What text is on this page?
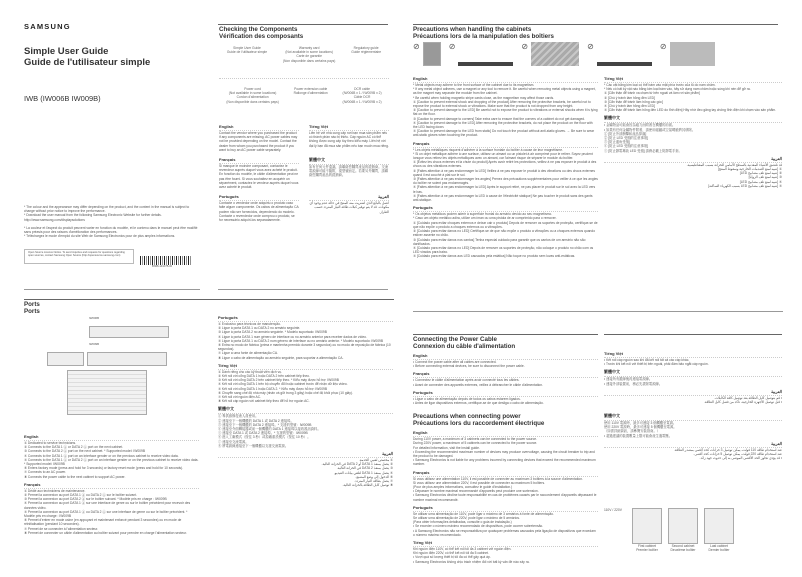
SAMSUNG
Simple User Guide
Guide de l'utilisateur simple
IWB (IW006B IW009B)
* The colour and the appearance may differ depending on the product, and the content in the manual is subject to change without prior notice to improve the performance.
* Download the user manual from the following Samsung Electronic Website for further details. http://www.samsung.com/displaysolutions
* La couleur et l'aspect du produit peuvent varier en fonction du modèle, et le contenu dans le manuel peut être modifié sans préavis pour des raisons d'amélioration des performances.
* Téléchargez le mode d'emploi du site Web de Samsung Electronics pour de plus amples informations.
Open Source Licence Notice. To send inquiries and requests for questions regarding open sources, contact Samsung Open Source (http://opensource.samsung.com)
BN68-14107B-00
Checking the Components
Vérification des composants
Simple User Guide
Guide de l'utilisateur simple
Warranty card
(Not available in some locations)
Carte de garantie
(Non disponible dans certains pays)
Regulatory guide
Guide réglementaire
Power cord
(Not available in some locations)
Cordon d'alimentation
(Non disponible dans certains pays)
Power extension cable
Rallonge d'alimentation
DCR cable
(IW006B x 1 / IW009B x 2)
Câble DCR
(IW006B x 1 / IW009B x 2)
English
Contact the vendor where you purchased the product if any components are missing. AC power cables may not be provided depending on the model. Contact the dealer from whom you purchased the product if you want to buy an AC power cable separately.
Tiếng Việt
Liên hệ với nhà cung cấp nơi bạn mua sản phẩm nếu có thành phần nào bị thiếu. Cáp nguồn AC có thể không được cung cấp tùy theo kiểu máy. Liên hệ với đại lý bạn đã mua sản phẩm nếu bạn muốn mua riêng.
Français
Si manque le moindre composant, contactez le revendeur auprès duquel vous avez acheté le produit. En fonction du modèle, le câble d'alimentation peut ne pas être fourni. Si vous souhaitez en acquérir un séparément, contactez le vendeur auprès duquel vous avez acheté le produit.
繁體中文
如有任何元件遺漏，請聯絡您購買產品的經銷商。交流電源線可能不隨附，視型號而定。若要另外購買，請聯絡您購買產品的經銷商。
Português
Contacte o vendedor onde adquiriu o produto caso falte algum componente. Os cabos de alimentação CA podem não ser fornecidos, dependendo do modelo. Contacte o revendedor onde comprou o produto, se for necessário adquiri-los separadamente.
العربية
اتصل بالبائع الذي اشتريت منه المنتج في حالة عدم وجود أي مكونات. قد لا يتم توفير كبلات طاقة التيار المتردد حسب الطراز.
Precautions when handling the cabinets
Précautions lors de la manipulation des boîtiers
⊘	⊘	⊘	⊘	⊘
English
* Metal objects may adhere to the front surface of the cabinet due to its magnetism.
* If any metal object adheres, use a magnet or any tool to remove it. Be careful when removing metal objects using a magnet, as the magnet may separate the module from the cabinet.
* Be careful when holding magnetic stripe cards close, as the magnetism may affect those cards.
① [Caution to prevent external shock and dropping of the product] After removing the protective brackets, be careful not to expose the product to external shock or vibrations. Make sure that the product is not dropped from any height.
② [Caution to prevent damage to the LED] Be careful not to expose the product to vibrations or external shocks when it is lying flat on the floor.
③ [Caution to prevent damage to corners] Take extra care to ensure that the corners of a cabinet do not get damaged.
④ [Caution to prevent damage to the LED] After removing the protective brackets, do not place the product on the floor with the LED facing down.
⑤ [Caution to prevent damage to the LED from static] Do not touch the product without anti-static gloves. → Be sure to wear anti-static gloves when touching the product.
Français
* Les objets métalliques risquent d'adhérer à la surface frontale du boîtier à cause de leur magnétisme.
* Si un objet métallique adhère à une surface, utilisez un aimant ou un pistolet à air comprimé pour le retirer. Soyez prudent lorsque vous retirez les objets métalliques avec un aimant, car l'aimant risque de séparer le module du boîtier.
① [Évitez les chocs externes et la chute du produit] Après avoir retiré les protections, veillez à ne pas exposer le produit à des chocs ou des vibrations externes.
② [Faites attention à ne pas endommager la LED] Veillez à ne pas exposer le produit à des vibrations ou des chocs externes quand il est couché à plat sur le sol.
③ [Faites attention à ne pas endommager les angles] Prenez des précautions supplémentaires pour veiller à ce que les angles du boîtier ne soient pas endommagés.
④ [Faites attention à ne pas endommager la LED] Après le support retiré, ne pas placer le produit sur le sol avec la LED vers le bas.
⑤ [Faites attention à ne pas endommager la LED à cause de l'électricité statique] Ne pas toucher le produit sans des gants anti-statique.
Português
* Os objetos metálicos podem aderir à superfície frontal do armário devido ao seu magnetismo.
* Caso um objeto metálico adira, utilize um íman ou uma pistola de ar comprimido para o remover.
① [Cuidado para evitar choques externos e deixar cair o produto] Depois de remover os suportes de proteção, certifique-se de que não expõe o produto a choques externos ou a vibrações.
② [Cuidado para evitar danos no LED] Certifique-se de que não expõe o produto a vibrações ou a choques externos quando estiver assente no chão.
③ [Cuidado para evitar danos nos cantos] Tenha especial cuidado para garantir que os cantos de um armário não são danificados.
④ [Cuidado para evitar danos no LED] Depois de remover os suportes de proteção, não coloque o produto no chão com os LED virados para baixo.
⑤ [Cuidado para evitar danos aos LED causados pela estática] Não toque no produto sem luvas anti-estáticas.
Tiếng Việt
* Các vật bằng kim loại có thể bám vào mặt phía trước của tủ do nam châm.
* Nếu có bất kỳ vật nào bằng kim loại bám vào, hãy sử dụng nam châm hoặc súng khí nén để gỡ ra.
① [Cẩn thận để tránh va chạm từ bên ngoài và làm rơi sản phẩm]
② [Chú ý tránh làm hỏng đèn LED]
③ [Cẩn thận để tránh làm hỏng các góc]
④ [Chú ý tránh làm hỏng đèn LED]
⑤ [Cẩn thận để tránh làm hỏng đèn LED do tĩnh điện] Hãy nhớ đeo găng tay chống tĩnh điện khi chạm vào sản phẩm.
繁體中文
• 金屬物品可能會因為磁力而附著在機櫃的前面。
• 如果有任何金屬物件附著，請使用磁鐵或空氣噴槍將其移除。
① [防止外部衝擊和產品掉落]
② [防止 LED 受損的注意事項]
③ [防止邊角受損]
④ [防止 LED 受損的注意事項]
⑤ [防止靜電導致 LED 受損] 請務必戴上防靜電手套。
العربية
قد تلتصق الأشياء المعدنية بالسطح الأمامي للخزانة بسبب المغناطيسية.
① [تنبيه لمنع الصدمات الخارجية وسقوط المنتج]
② [تنبيه لمنع تلف مصابيح LED]
③ [تنبيه لمنع تلف الزوايا]
④ [تنبيه لمنع تلف مصابيح LED]
⑤ [تنبيه لمنع تلف مصابيح LED بسبب الكهرباء الساكنة]
Ports
Ports
IW006B
IW009B
English
① Dedicated to service technicians.
② Connects to the DATA 1 ⓖ or DATA 2 ⓖ port on the next cabinet.
③ Connects to the DATA 2 ⓖ port on the next cabinet. * Supported model: IW009B
④ Connects to the DATA 1 ⓖ port on an interface gender or on the previous cabinet to receive video data.
⑤ Connects to the DATA 1 ⓖ or DATA 2 ⓖ port on an interface gender or on the previous cabinet to receive video data. * Supported model: IW009B
⑥ Enters factory mode (press and hold for 3 seconds) or factory reset mode (press and hold for 10 seconds).
⑦ Connects to an AC power.
⑧ Connects the power cable to the next cabinet to support AC power.
Français
① Dédié aux techniciens de maintenance.
② Permet la connexion au port DATA 1 ⓖ ou DATA 2 ⓖ sur le boîtier suivant.
③ Permet la connexion au port DATA 2 ⓖ sur le boîtier suivant. * Modèle pris en charge : IW009B
④ Permet la connexion au port DATA 1 ⓖ sur une interface de genre ou sur le boîtier précédent pour recevoir des données vidéo.
⑤ Permet la connexion au port DATA 1 ⓖ ou DATA 2 ⓖ sur une interface de genre ou sur le boîtier précédent. * Modèle pris en charge : IW009B
⑥ Permet d'entrer en mode usine (en appuyant et maintenant enfoncé pendant 3 secondes) ou en mode de réinitialisation (pendant 10 secondes).
⑦ Permet de se connecter à l'alimentation secteur.
⑧ Permet de connecter un câble d'alimentation au boîtier suivant pour prendre en charge l'alimentation secteur.
Português
① Exclusivo para técnicos de manutenção.
② Ligue à porta DATA 1 ou DATA 2 no armário seguinte.
③ Ligue à porta DATA 2 no armário seguinte. * Modelo suportado: IW009B
④ Ligue à porta DATA 1 num género de interface ou no armário anterior para receber dados de vídeo.
⑤ Ligue à porta DATA 1 ou DATA 2 num género de interface ou no armário anterior. * Modelo suportado: IW009B
⑥ Entra no modo de fábrica (prima e mantenha premido durante 3 segundos) ou no modo de reposição de fábrica (10 segundos).
⑦ Ligue a uma fonte de alimentação CA.
⑧ Ligue o cabo de alimentação ao armário seguinte, para suportar a alimentação CA.
Tiếng Việt
① Dành riêng cho các kỹ thuật viên dịch vụ.
② Kết nối với cổng DATA 1 hoặc DATA 2 trên cabinet tiếp theo.
③ Kết nối với cổng DATA 2 trên cabinet tiếp theo. * Kiểu máy được hỗ trợ: IW009B
④ Kết nối với cổng DATA 1 trên bộ chuyển đổi hoặc cabinet trước để nhận dữ liệu video.
⑤ Kết nối với cổng DATA 1 hoặc DATA 2. * Kiểu máy được hỗ trợ: IW009B
⑥ Chuyển sang chế độ nhà máy (nhấn và giữ trong 3 giây) hoặc chế độ khôi phục (10 giây).
⑦ Kết nối với nguồn điện AC.
⑧ Kết nối cáp nguồn với cabinet tiếp theo để hỗ trợ nguồn AC.
繁體中文
① 專供維修技術人員使用。
② 連接至下一個機櫃的 DATA 1 或 DATA 2 連接埠。
③ 連接至下一個機櫃的 DATA 2 連接埠。* 支援的型號：IW009B
④ 連接至介面轉接器或前一個機櫃的 DATA 1 連接埠以接收視訊資料。
⑤ 連接至 DATA 1 或 DATA 2 連接埠。* 支援的型號：IW009B
⑥ 進入工廠模式（按住 3 秒）或原廠重設模式（按住 10 秒）。
⑦ 連接至交流電源。
⑧ 將電源線連接至下一個機櫃以支援交流電源。
العربية
① مخصص لفنيي الخدمة.
② يتصل بمنفذ DATA 1 أو DATA 2 في الخزانة التالية.
③ يتصل بمنفذ DATA 2 في الخزانة التالية.
④ يتصل بمنفذ DATA 1 لتلقي بيانات الفيديو.
⑥ الدخول إلى وضع المصنع.
⑦ يتصل بطاقة التيار المتردد.
⑧ توصيل كابل الطاقة بالخزانة التالية.
Connecting the Power Cable
Connexion du câble d'alimentation
English
• Connect the power cable after all cables are connected.
• Before connecting external devices, be sure to disconnect the power cable.
Français
• Connectez le câble d'alimentation après avoir connecté tous les câbles.
• Avant de connecter des appareils externes, veillez à débrancher le câble d'alimentation.
Português
• Ligue o cabo de alimentação depois de todos os cabos estarem ligados.
• Antes de ligar dispositivos externos, certifique-se de que desliga o cabo de alimentação.
Precautions when connecting power
Précautions lors du raccordement électrique
English
During 110V power, a maximum of 3 cabinets can be connected to the power source.
During 220V power, a maximum of 5 cabinets can be connected to the power source.
For detailed information, visit the install guide.
• Exceeding the recommended maximum number of devices may produce overvoltage, causing the circuit breaker to trip and the product to be damaged.
• Samsung Electronics is not liable for any problems incurred by connecting devices that exceed the recommended maximum number.
Français
Si vous utilisez une alimentation 110V, il est possible de connecter au maximum 3 boîtiers à la source d'alimentation.
Si vous utilisez une alimentation 220V, il est possible de connecter au maximum 5 boîtiers.
(Pour de plus amples informations, consultez le guide d'installation.)
• Dépasser le nombre maximal recommandé d'appareils peut produire une surtension.
• Samsung Electronics décline toute responsabilité en cas de problèmes causés par le raccordement d'appareils dépassant le nombre maximal recommandé.
Português
Se utilizar uma alimentação de 110V, pode ligar o máximo de 3 armários à fonte de alimentação.
Se utilizar uma alimentação de 220V, pode ligar o máximo de 5 armários.
(Para obter informações detalhadas, consulte o guia de instalação.)
• Se exceder o número máximo recomendado de dispositivos, pode ocorrer sobretensão.
• A Samsung Electronics não se responsabiliza por quaisquer problemas causados pela ligação de dispositivos que excedam o número máximo recomendado.
Tiếng Việt
Khi nguồn điện 110V, có thể kết nối tối đa 3 cabinet với nguồn điện.
Khi nguồn điện 220V, có thể kết nối tối đa 5 cabinet.
• Vượt quá số lượng thiết bị tối đa có thể gây quá áp.
• Samsung Electronics không chịu trách nhiệm đối với bất kỳ vấn đề nào xảy ra.
Tiếng Việt
• Kết nối cáp nguồn sau khi đã kết nối tất cả các cáp khác.
• Trước khi kết nối với thiết bị bên ngoài, phải đảm bảo ngắt cáp nguồn.
繁體中文
• 連接所有纜線後再連接電源線。
• 連接外部裝置前，務必先拔除電源線。
العربية
• قم بتوصيل كابل الطاقة بعد توصيل كافة الكابلات.
• قبل توصيل الأجهزة الخارجية، تأكد من فصل كابل الطاقة.
繁體中文
使用 110V 電源時，最多可連接 3 個機櫃至電源。
使用 220V 電源時，最多可連接 5 個機櫃至電源。
（如需詳細資訊，請參閱安裝指南。）
• 超過建議的裝置數量上限可能會產生過電壓。
العربية
عند استخدام طاقة 110 فولت، يمكن توصيل 3 خزانات كحد أقصى بمصدر الطاقة.
عند استخدام طاقة 220 فولت، يمكن توصيل 5 خزانات كحد أقصى.
• قد يؤدي تجاوز الحد الأقصى الموصى به إلى حدوث جهد زائد.
110V / 220V
First cabinet
Premier boîtier
Second cabinet
Deuxième boîtier
Last cabinet
Dernier boîtier
